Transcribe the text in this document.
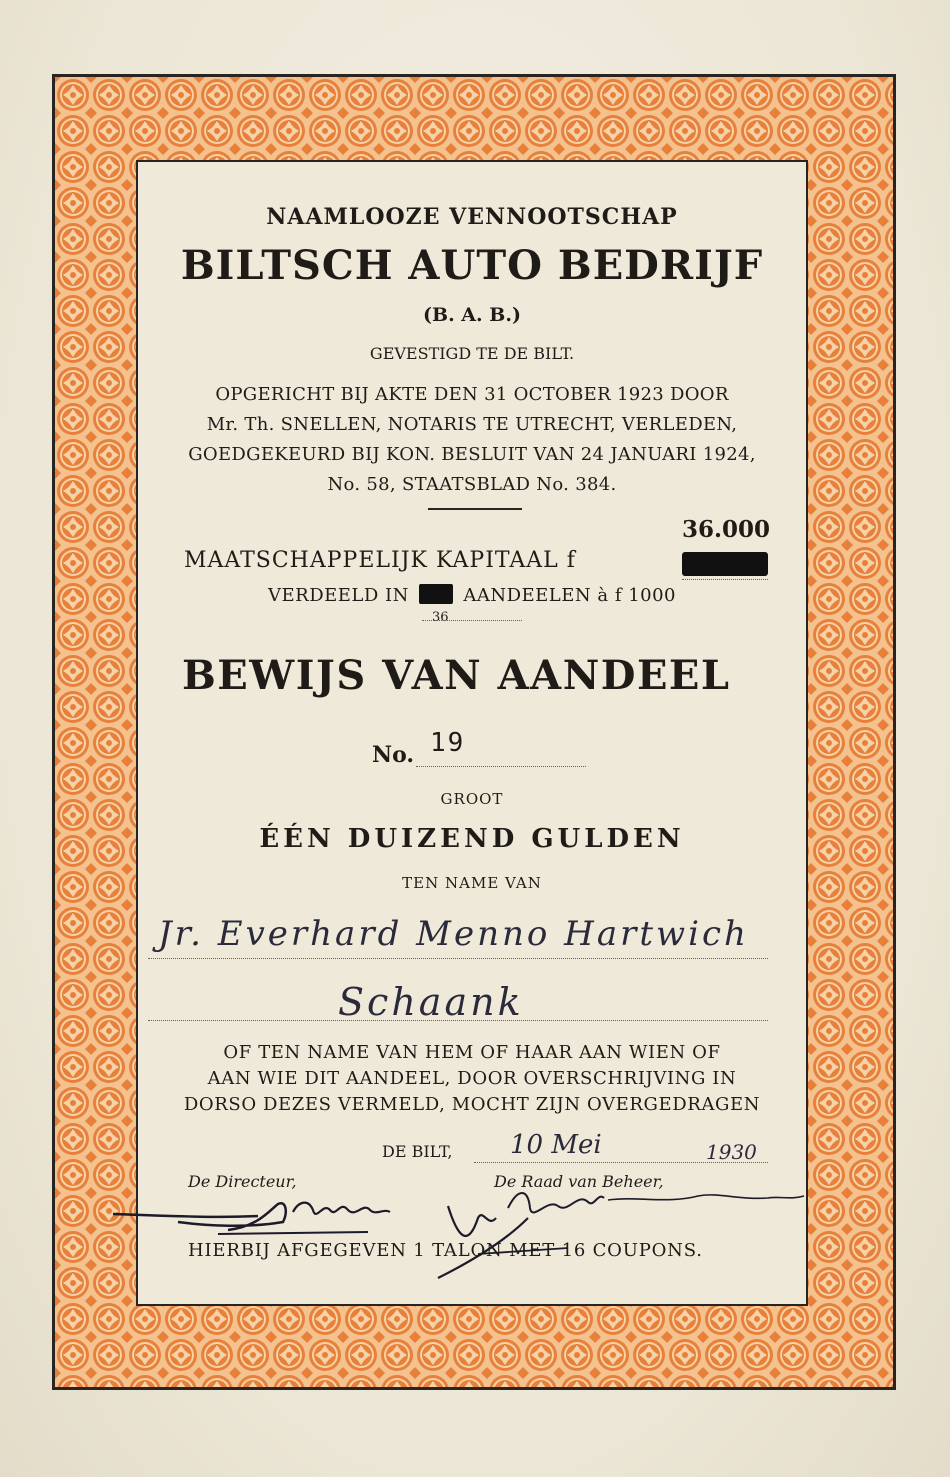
NAAMLOOZE VENNOOTSCHAP
BILTSCH AUTO BEDRIJF
(B. A. B.)
GEVESTIGD TE DE BILT.
OPGERICHT BIJ AKTE DEN 31 OCTOBER 1923 DOOR
Mr. Th. SNELLEN, NOTARIS TE UTRECHT, VERLEDEN,
GOEDGEKEURD BIJ KON. BESLUIT VAN 24 JANUARI 1924,
No. 58, STAATSBLAD No. 384.
36.000
MAATSCHAPPELIJK KAPITAAL f
VERDEELD IN	AANDEELEN à f 1000
36
BEWIJS VAN AANDEEL
No. 19
GROOT
ÉÉN DUIZEND GULDEN
TEN NAME VAN
Jr. Everhard Menno Hartwich
Schaank
OF TEN NAME VAN HEM OF HAAR AAN WIEN OF
AAN WIE DIT AANDEEL, DOOR OVERSCHRIJVING IN
DORSO DEZES VERMELD, MOCHT ZIJN OVERGEDRAGEN
DE BILT, 10 Mei	1930
De Directeur,	De Raad van Beheer,
HIERBIJ AFGEGEVEN 1 TALON MET 16 COUPONS.
